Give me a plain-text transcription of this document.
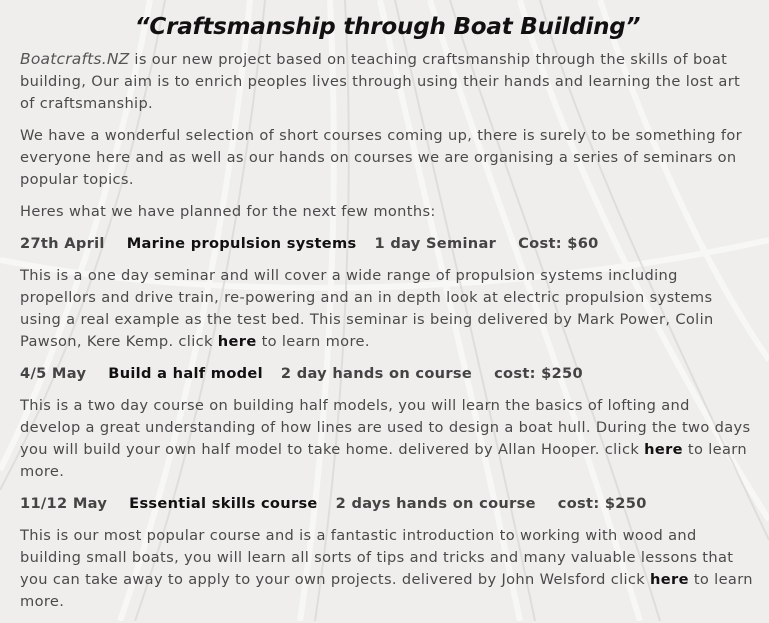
“Craftsmanship through Boat Building”

Boatcrafts.NZ is our new project based on teaching craftsmanship through the skills of boat building, Our aim is to enrich peoples lives through using their hands and learning the lost art of craftsmanship.

We have a wonderful selection of short courses coming up, there is surely to be something for everyone here and as well as our hands on courses we are organising a series of seminars on popular topics.

Heres what we have planned for the next few months:

27th April Marine propulsion systems 1 day Seminar Cost: $60

This is a one day seminar and will cover a wide range of propulsion systems including propellors and drive train, re-powering and an in depth look at electric propulsion systems using a real example as the test bed. This seminar is being delivered by Mark Power, Colin Pawson, Kere Kemp. click here to learn more.

4/5 May Build a half model 2 day hands on course cost: $250

This is a two day course on building half models, you will learn the basics of lofting and develop a great understanding of how lines are used to design a boat hull. During the two days you will build your own half model to take home. delivered by Allan Hooper. click here to learn more.

11/12 May Essential skills course 2 days hands on course cost: $250

This is our most popular course and is a fantastic introduction to working with wood and building small boats, you will learn all sorts of tips and tricks and many valuable lessons that you can take away to apply to your own projects. delivered by John Welsford click here to learn more.
